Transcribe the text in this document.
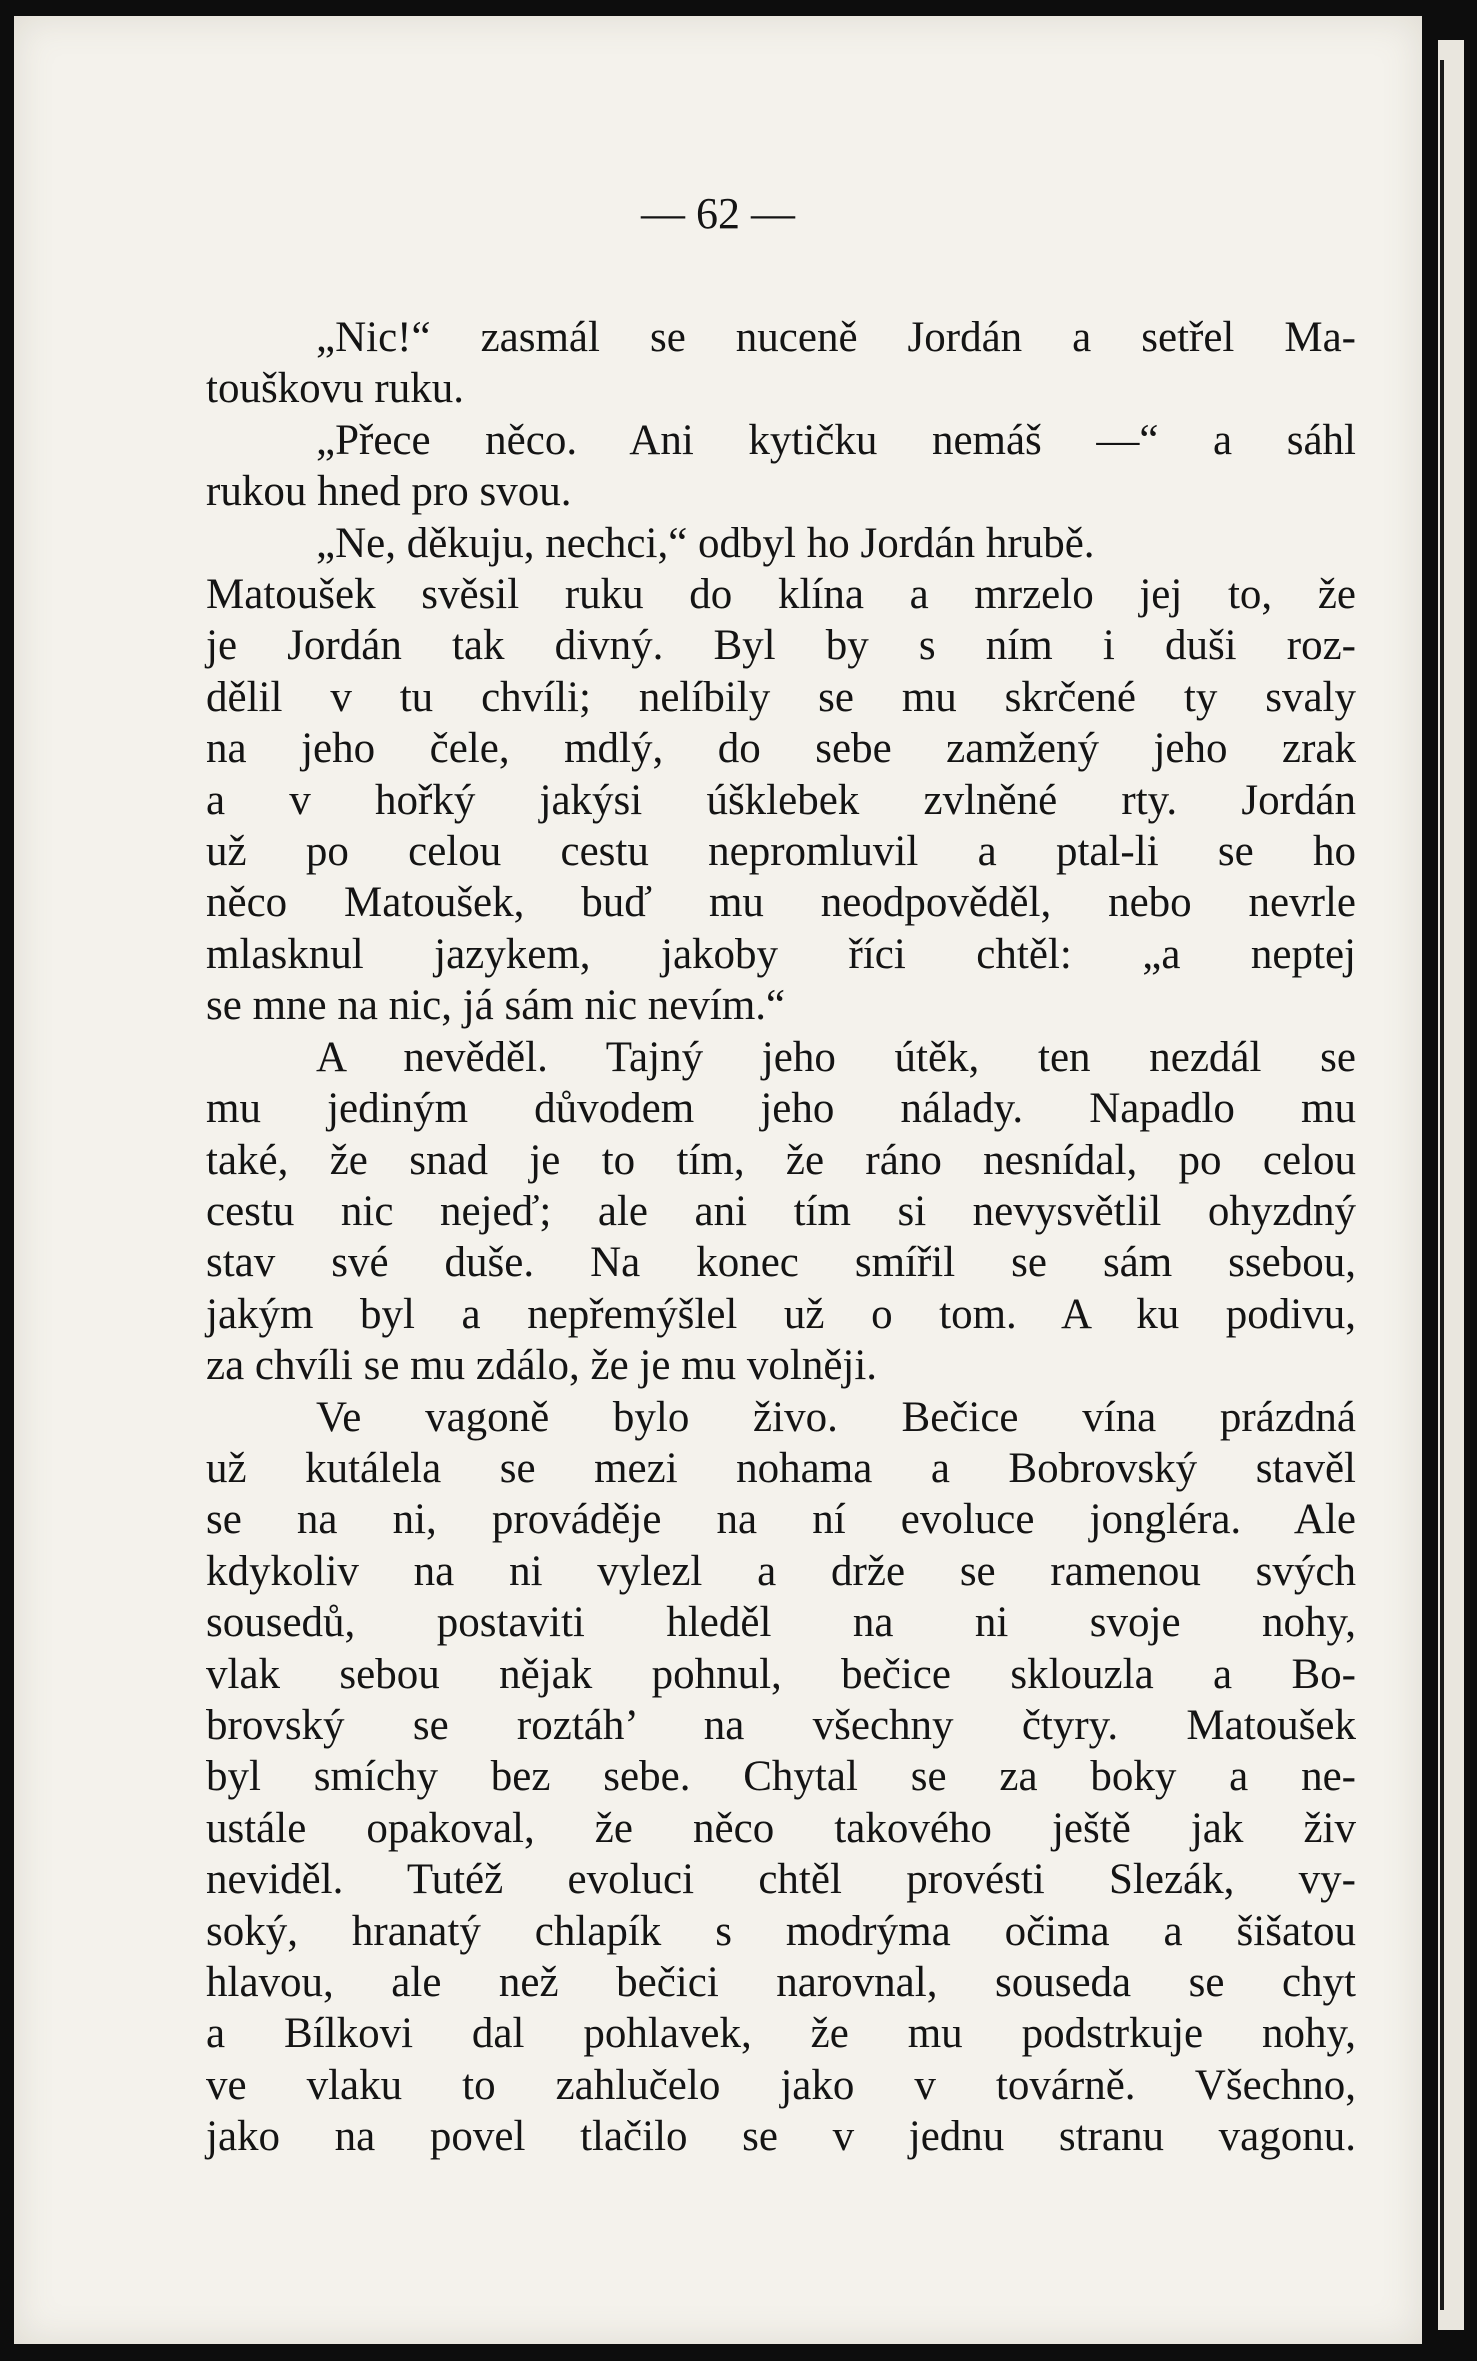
— 62 —
„Nic!“ zasmál se nuceně Jordán a setřel Ma-
touškovu ruku.
„Přece něco. Ani kytičku nemáš —“ a sáhl
rukou hned pro svou.
„Ne, děkuju, nechci,“ odbyl ho Jordán hrubě.
Matoušek svěsil ruku do klína a mrzelo jej to, že
je Jordán tak divný. Byl by s ním i duši roz-
dělil v tu chvíli; nelíbily se mu skrčené ty svaly
na jeho čele, mdlý, do sebe zamžený jeho zrak
a v hořký jakýsi úšklebek zvlněné rty. Jordán
už po celou cestu nepromluvil a ptal-li se ho
něco Matoušek, buď mu neodpověděl, nebo nevrle
mlasknul jazykem, jakoby říci chtěl: „a neptej
se mne na nic, já sám nic nevím.“
A nevěděl. Tajný jeho útěk, ten nezdál se
mu jediným důvodem jeho nálady. Napadlo mu
také, že snad je to tím, že ráno nesnídal, po celou
cestu nic nejeď; ale ani tím si nevysvětlil ohyzdný
stav své duše. Na konec smířil se sám ssebou,
jakým byl a nepřemýšlel už o tom. A ku podivu,
za chvíli se mu zdálo, že je mu volněji.
Ve vagoně bylo živo. Bečice vína prázdná
už kutálela se mezi nohama a Bobrovský stavěl
se na ni, prováděje na ní evoluce jongléra. Ale
kdykoliv na ni vylezl a drže se ramenou svých
sousedů, postaviti hleděl na ni svoje nohy,
vlak sebou nějak pohnul, bečice sklouzla a Bo-
brovský se roztáh’ na všechny čtyry. Matoušek
byl smíchy bez sebe. Chytal se za boky a ne-
ustále opakoval, že něco takového ještě jak živ
neviděl. Tutéž evoluci chtěl provésti Slezák, vy-
soký, hranatý chlapík s modrýma očima a šišatou
hlavou, ale než bečici narovnal, souseda se chyt
a Bílkovi dal pohlavek, že mu podstrkuje nohy,
ve vlaku to zahlučelo jako v továrně. Všechno,
jako na povel tlačilo se v jednu stranu vagonu.
